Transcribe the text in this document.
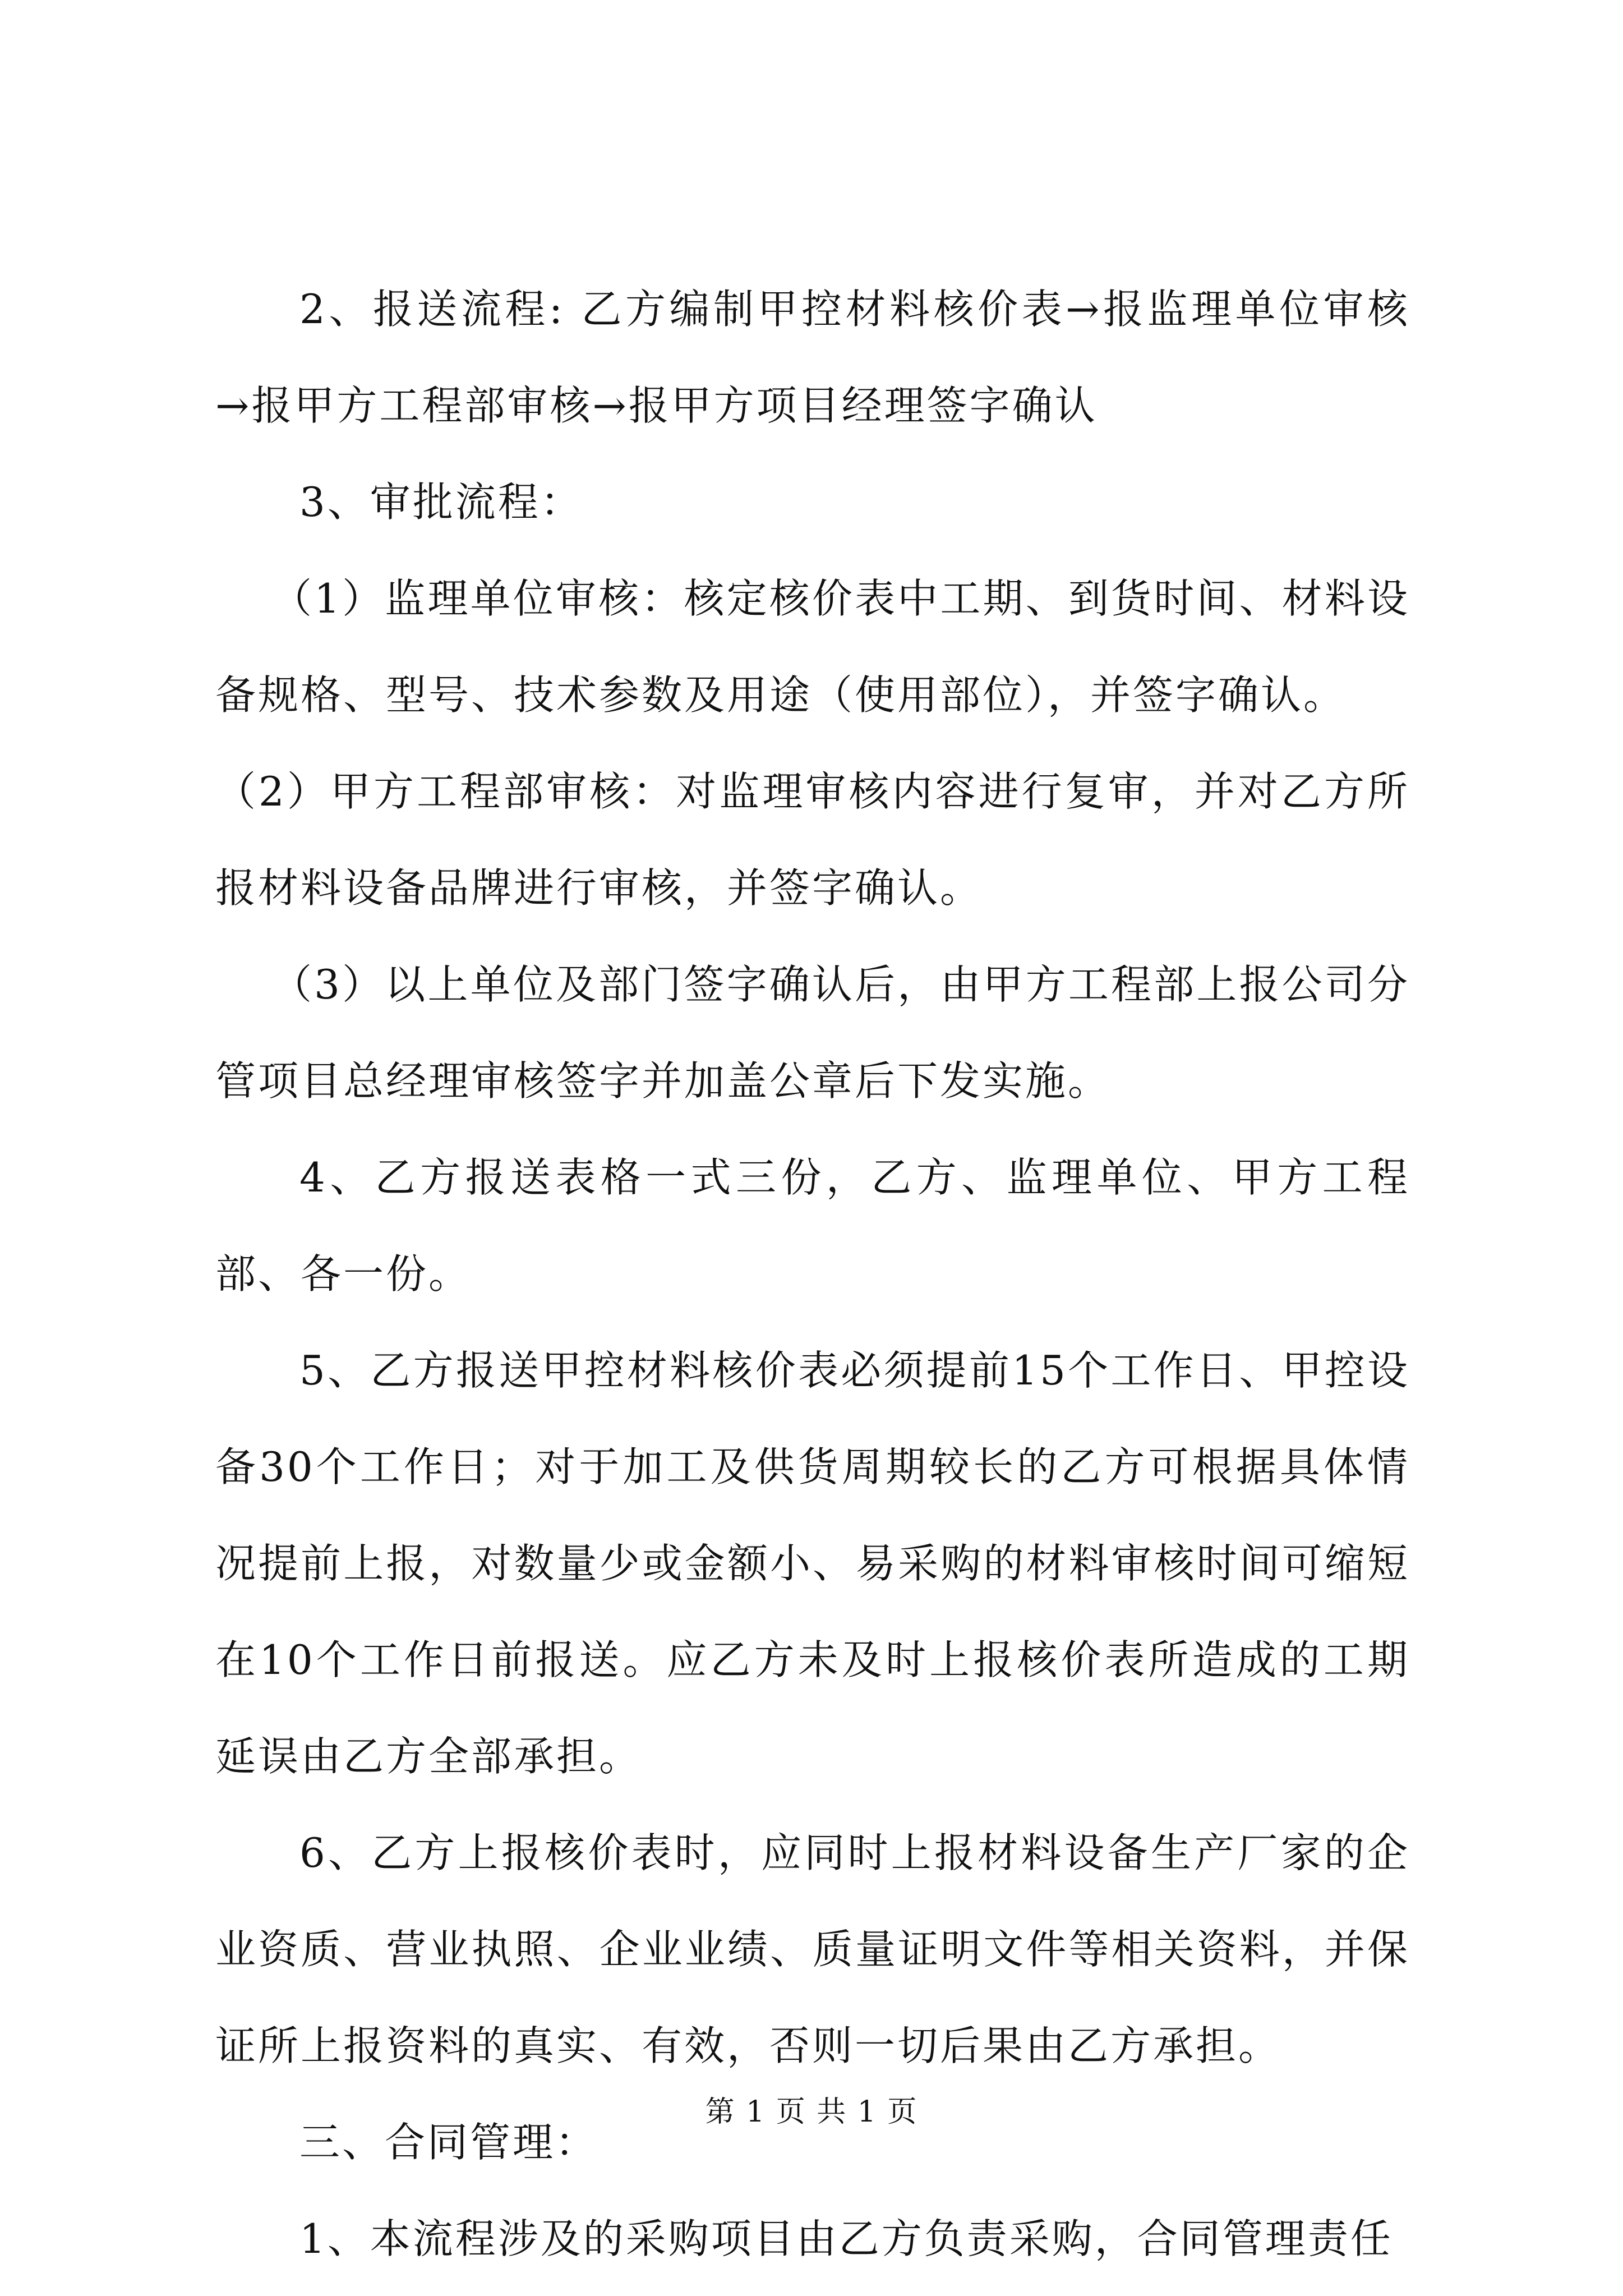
2、报送流程: 乙方编制甲控材料核价表→报监理单位审核→报甲方工程部审核→报甲方项目经理签字确认

3、审批流程：

（1）监理单位审核：核定核价表中工期、到货时间、材料设备规格、型号、技术参数及用途（使用部位），并签字确认。

（2）甲方工程部审核：对监理审核内容进行复审，并对乙方所报材料设备品牌进行审核，并签字确认。

（3）以上单位及部门签字确认后，由甲方工程部上报公司分管项目总经理审核签字并加盖公章后下发实施。

4、乙方报送表格一式三份，乙方、监理单位、甲方工程部、各一份。

5、乙方报送甲控材料核价表必须提前15个工作日、甲控设备30个工作日；对于加工及供货周期较长的乙方可根据具体情况提前上报，对数量少或金额小、易采购的材料审核时间可缩短在10个工作日前报送。应乙方未及时上报核价表所造成的工期延误由乙方全部承担。

6、乙方上报核价表时，应同时上报材料设备生产厂家的企业资质、营业执照、企业业绩、质量证明文件等相关资料，并保证所上报资料的真实、有效，否则一切后果由乙方承担。

三、合同管理：

1、本流程涉及的采购项目由乙方负责采购，合同管理责任

第 1 页 共 1 页
